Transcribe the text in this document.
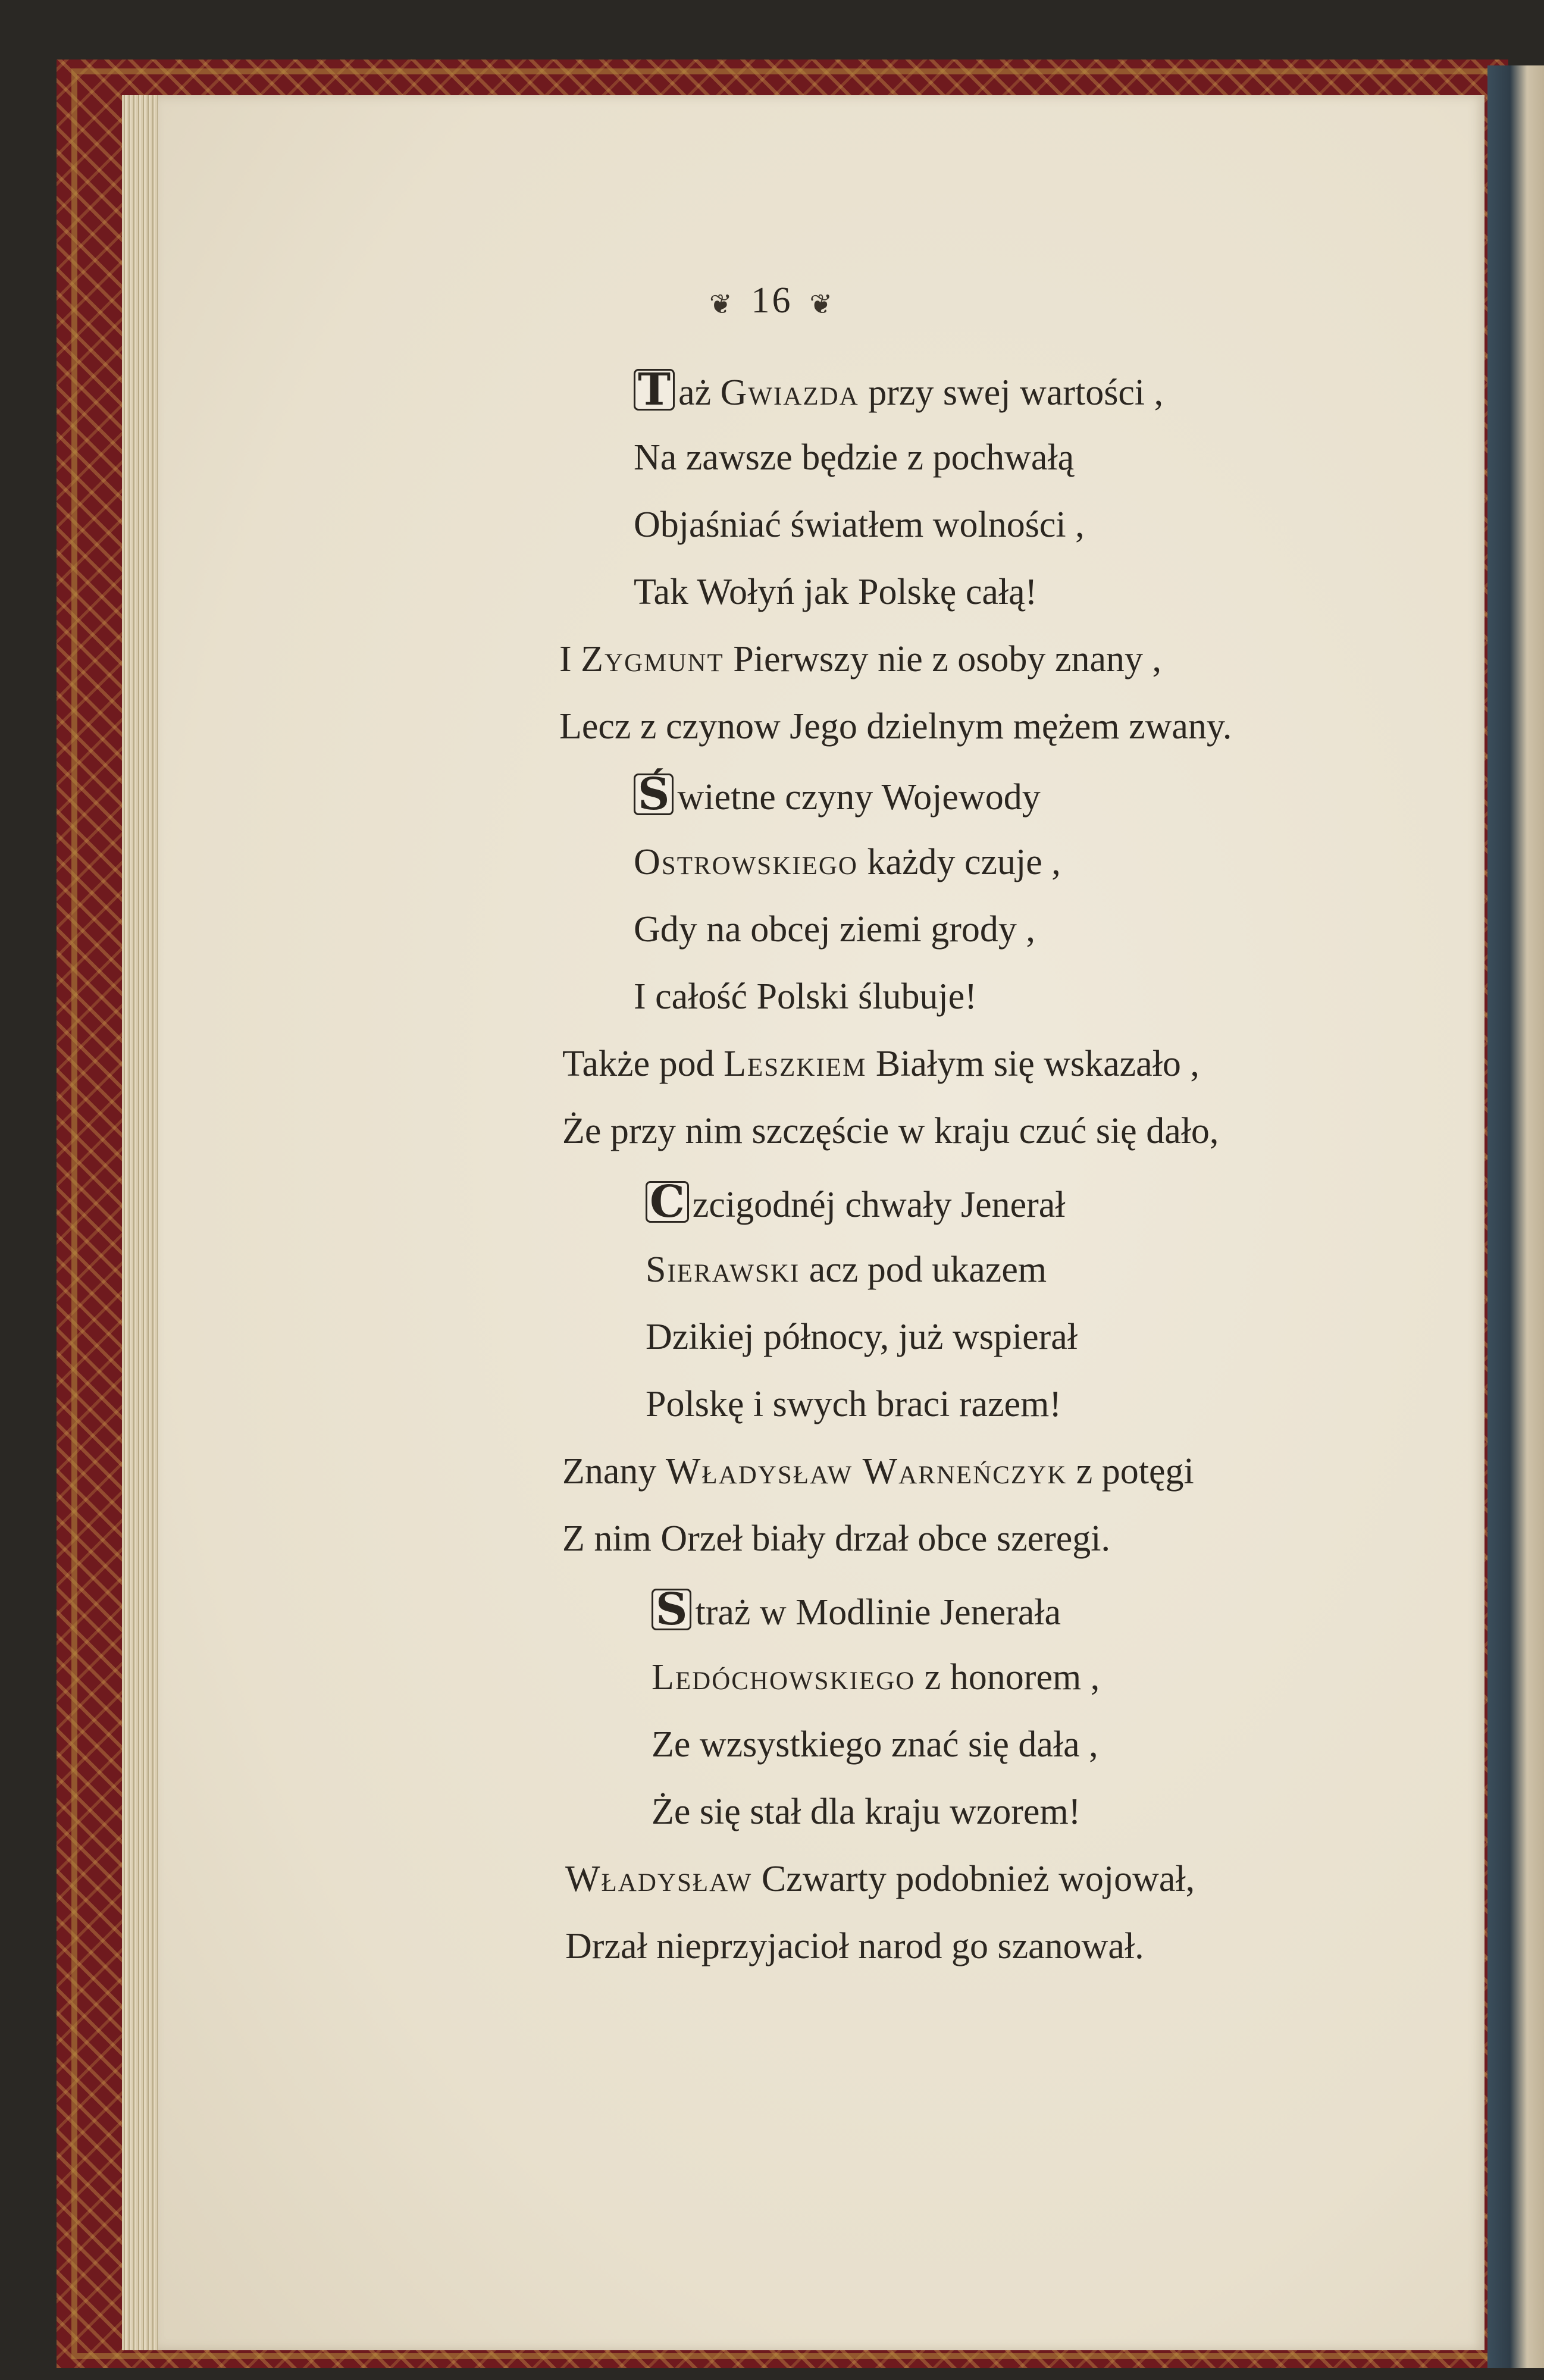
❦ 16 ❦
T aż Gwiazda przy swej wartości ,
Na zawsze będzie z pochwałą
Objaśniać światłem wolności ,
Tak Wołyń jak Polskę całą!
I Zygmunt Pierwszy nie z osoby znany ,
Lecz z czynow Jego dzielnym mężem zwany.
Ś wietne czyny Wojewody
Ostrowskiego każdy czuje ,
Gdy na obcej ziemi grody ,
I całość Polski ślubuje!
Także pod Leszkiem Białym się wskazało ,
Że przy nim szczęście w kraju czuć się dało,
C zcigodnéj chwały Jenerał
Sierawski acz pod ukazem
Dzikiej północy, już wspierał
Polskę i swych braci razem!
Znany Władysław Warneńczyk z potęgi
Z nim Orzeł biały drzał obce szeregi.
S traż w Modlinie Jenerała
Ledóchowskiego z honorem ,
Ze wzsystkiego znać się dała ,
Że się stał dla kraju wzorem!
Władysław Czwarty podobnież wojował,
Drzał nieprzyjacioł narod go szanował.
